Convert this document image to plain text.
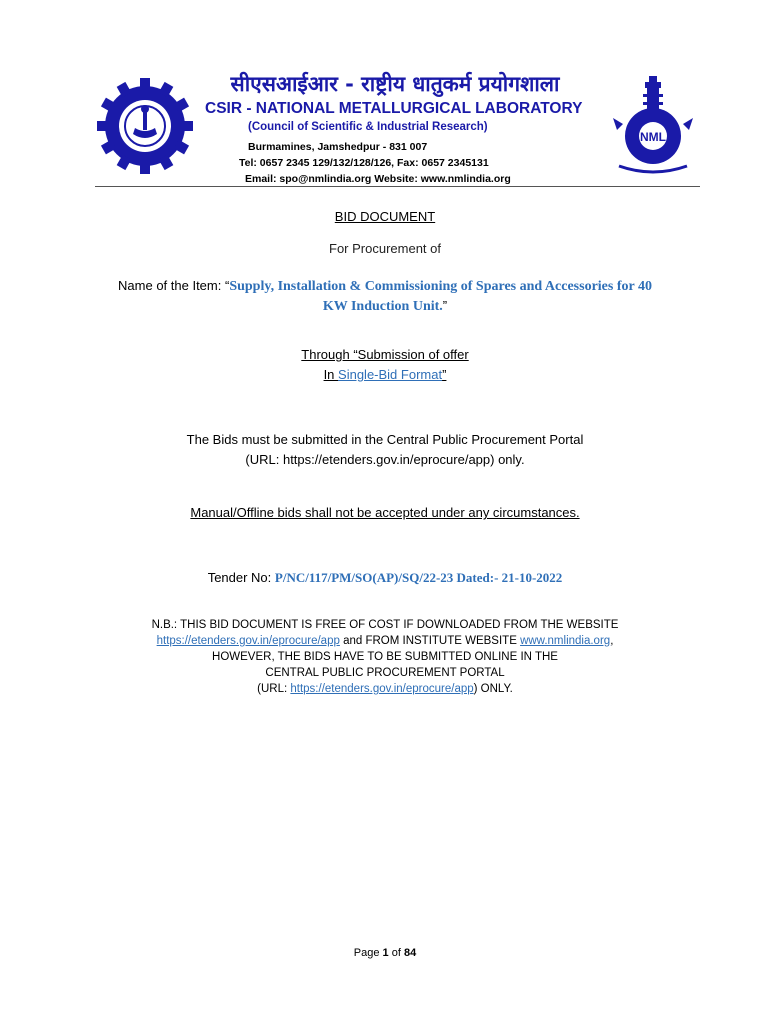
सीएसआईआर - राष्ट्रीय धातुकर्म प्रयोगशाला
CSIR - NATIONAL METALLURGICAL LABORATORY
(Council of Scientific & Industrial Research)
Burmamines, Jamshedpur - 831 007
Tel: 0657 2345 129/132/128/126, Fax: 0657 2345131
Email: spo@nmlindia.org Website: www.nmlindia.org
NML
BID DOCUMENT
For Procurement of
Name of the Item: “Supply, Installation & Commissioning of Spares and Accessories for 40
KW Induction Unit.”
Through “Submission of offer
In Single-Bid Format”
The Bids must be submitted in the Central Public Procurement Portal
(URL: https://etenders.gov.in/eprocure/app) only.
Manual/Offline bids shall not be accepted under any circumstances.
Tender No: P/NC/117/PM/SO(AP)/SQ/22-23 Dated:- 21-10-2022
N.B.: THIS BID DOCUMENT IS FREE OF COST IF DOWNLOADED FROM THE WEBSITE
https://etenders.gov.in/eprocure/app and FROM INSTITUTE WEBSITE www.nmlindia.org,
HOWEVER, THE BIDS HAVE TO BE SUBMITTED ONLINE IN THE
CENTRAL PUBLIC PROCUREMENT PORTAL
(URL: https://etenders.gov.in/eprocure/app) ONLY.
Page 1 of 84
